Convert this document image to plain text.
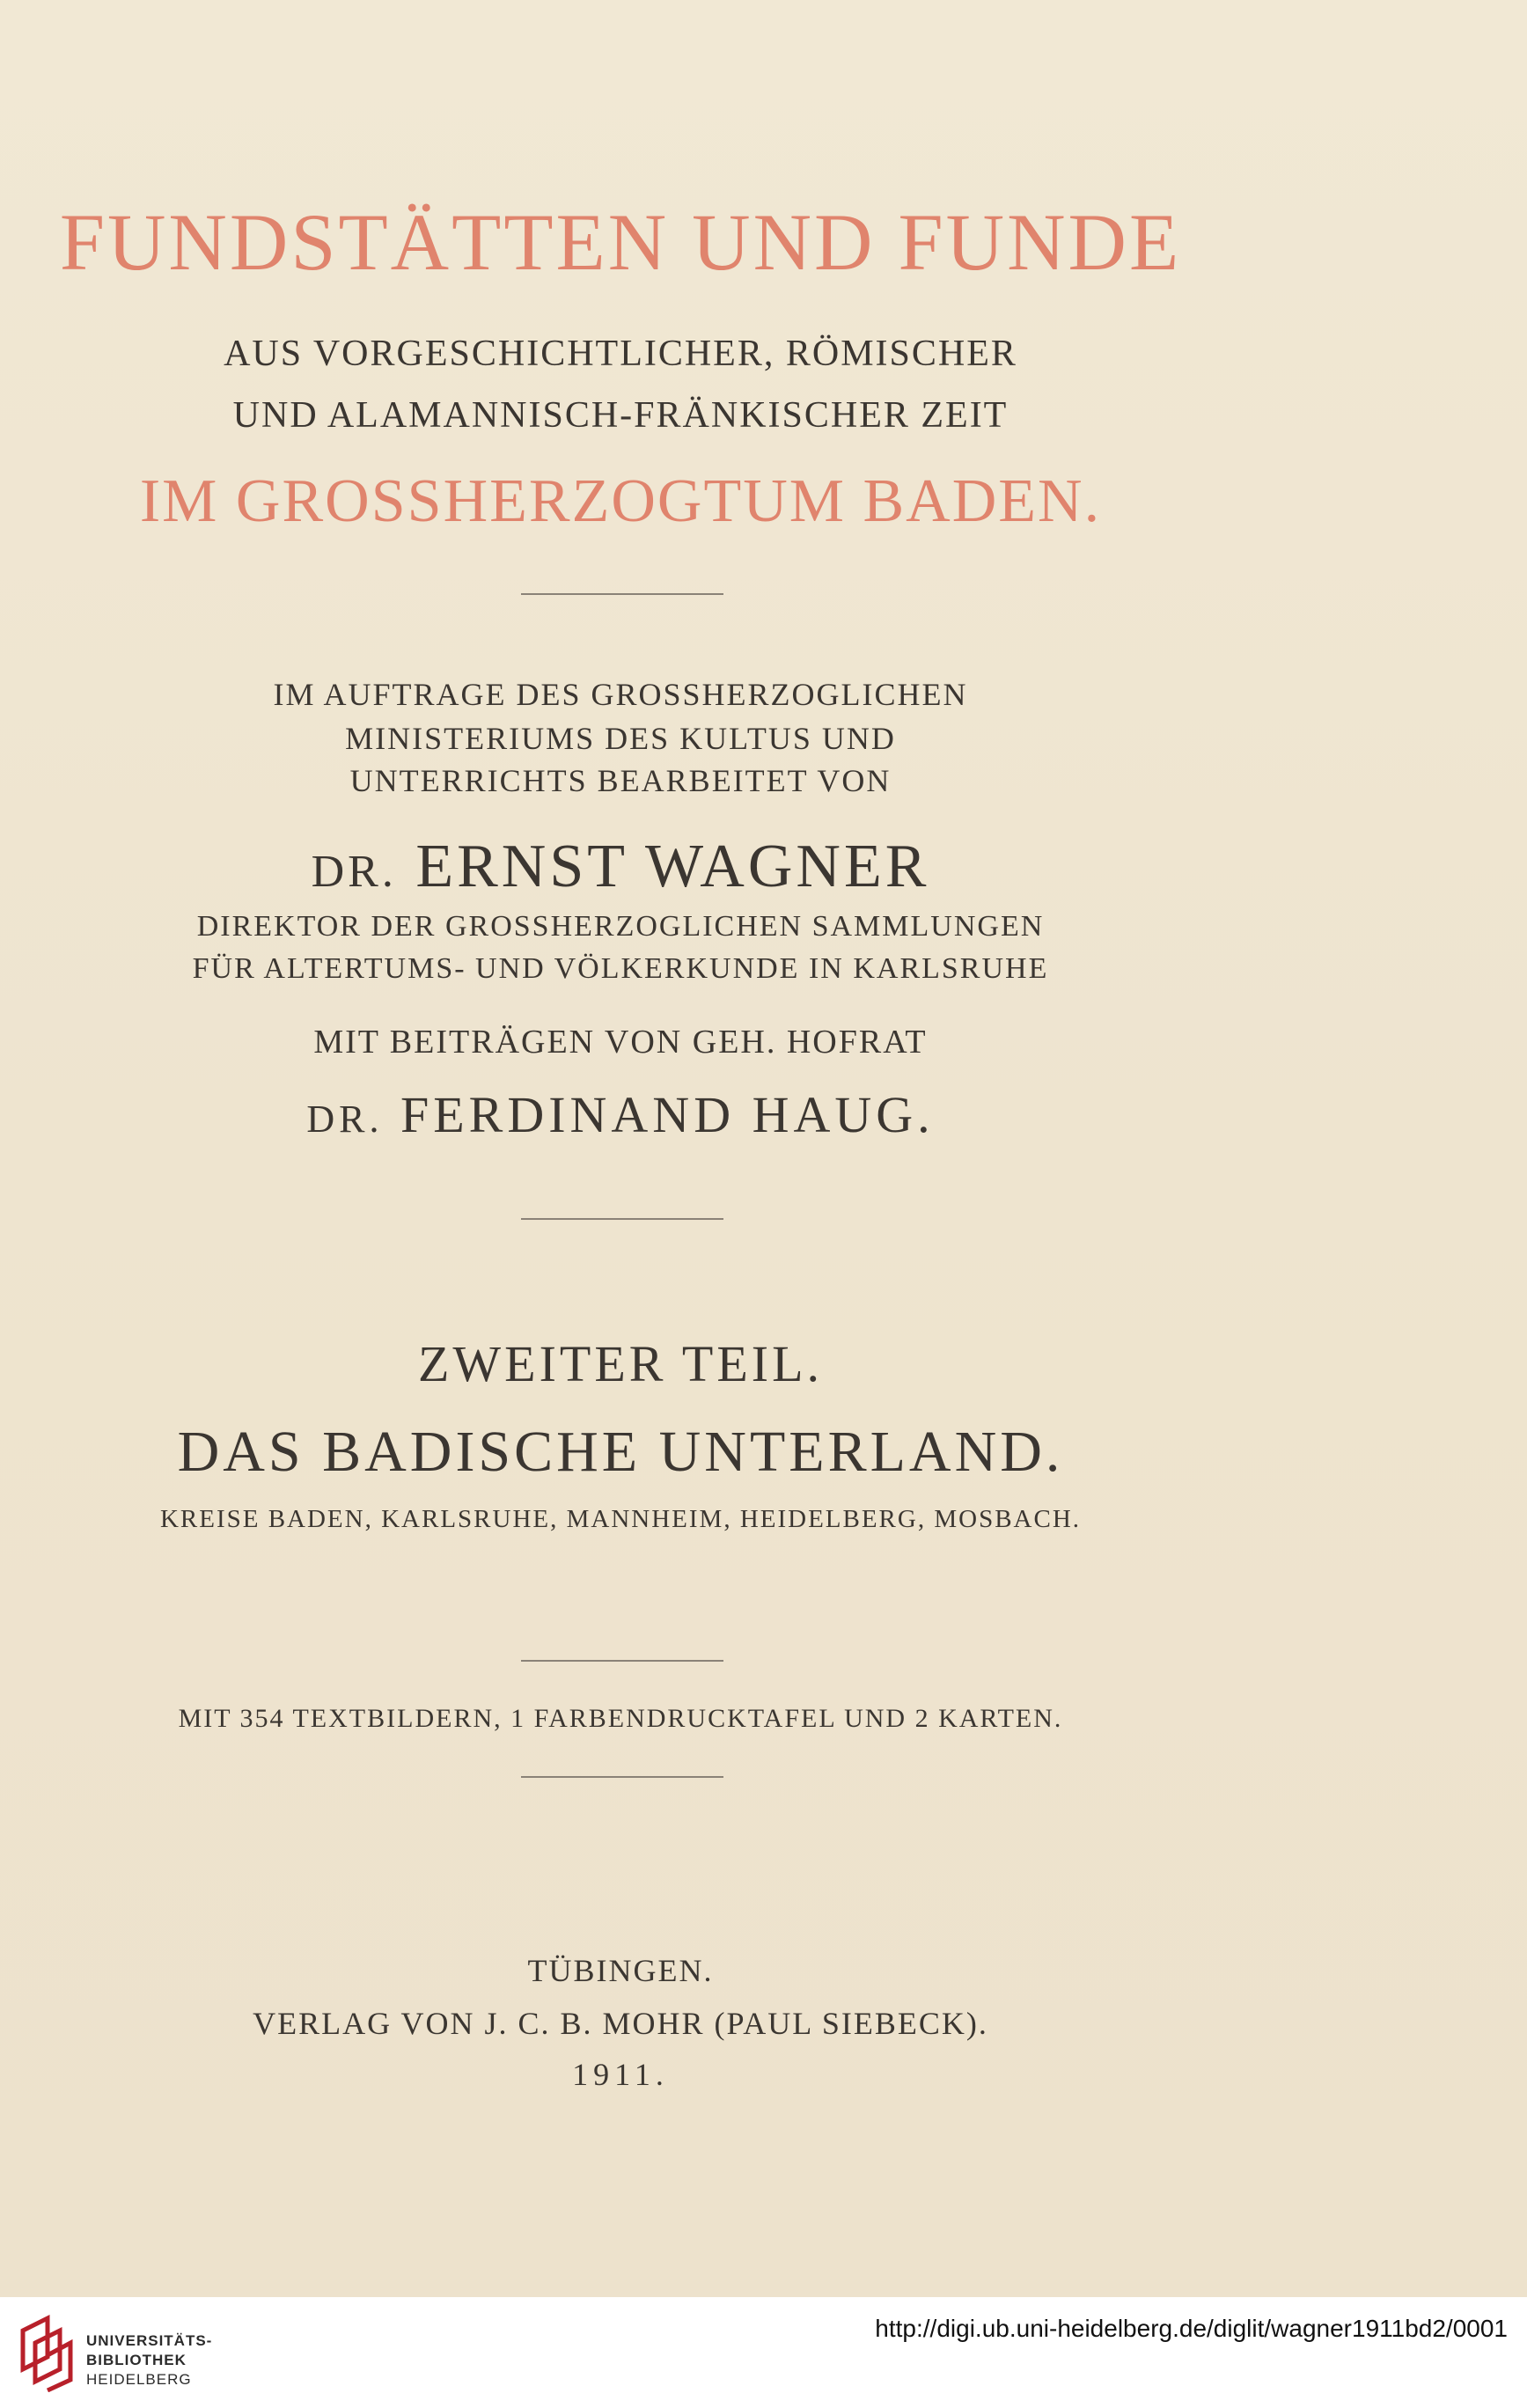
FUNDSTÄTTEN UND FUNDE
AUS VORGESCHICHTLICHER, RÖMISCHER
UND ALAMANNISCH-FRÄNKISCHER ZEIT
IM GROSSHERZOGTUM BADEN.
IM AUFTRAGE DES GROSSHERZOGLICHEN
MINISTERIUMS DES KULTUS UND
UNTERRICHTS BEARBEITET VON
DR. ERNST WAGNER
DIREKTOR DER GROSSHERZOGLICHEN SAMMLUNGEN
FÜR ALTERTUMS- UND VÖLKERKUNDE IN KARLSRUHE
MIT BEITRÄGEN VON GEH. HOFRAT
DR. FERDINAND HAUG.
ZWEITER TEIL.
DAS BADISCHE UNTERLAND.
KREISE BADEN, KARLSRUHE, MANNHEIM, HEIDELBERG, MOSBACH.
MIT 354 TEXTBILDERN, 1 FARBENDRUCKTAFEL UND 2 KARTEN.
TÜBINGEN.
VERLAG VON J. C. B. MOHR (PAUL SIEBECK).
1911.
UNIVERSITÄTS-
BIBLIOTHEK
HEIDELBERG
http://digi.ub.uni-heidelberg.de/diglit/wagner1911bd2/0001
